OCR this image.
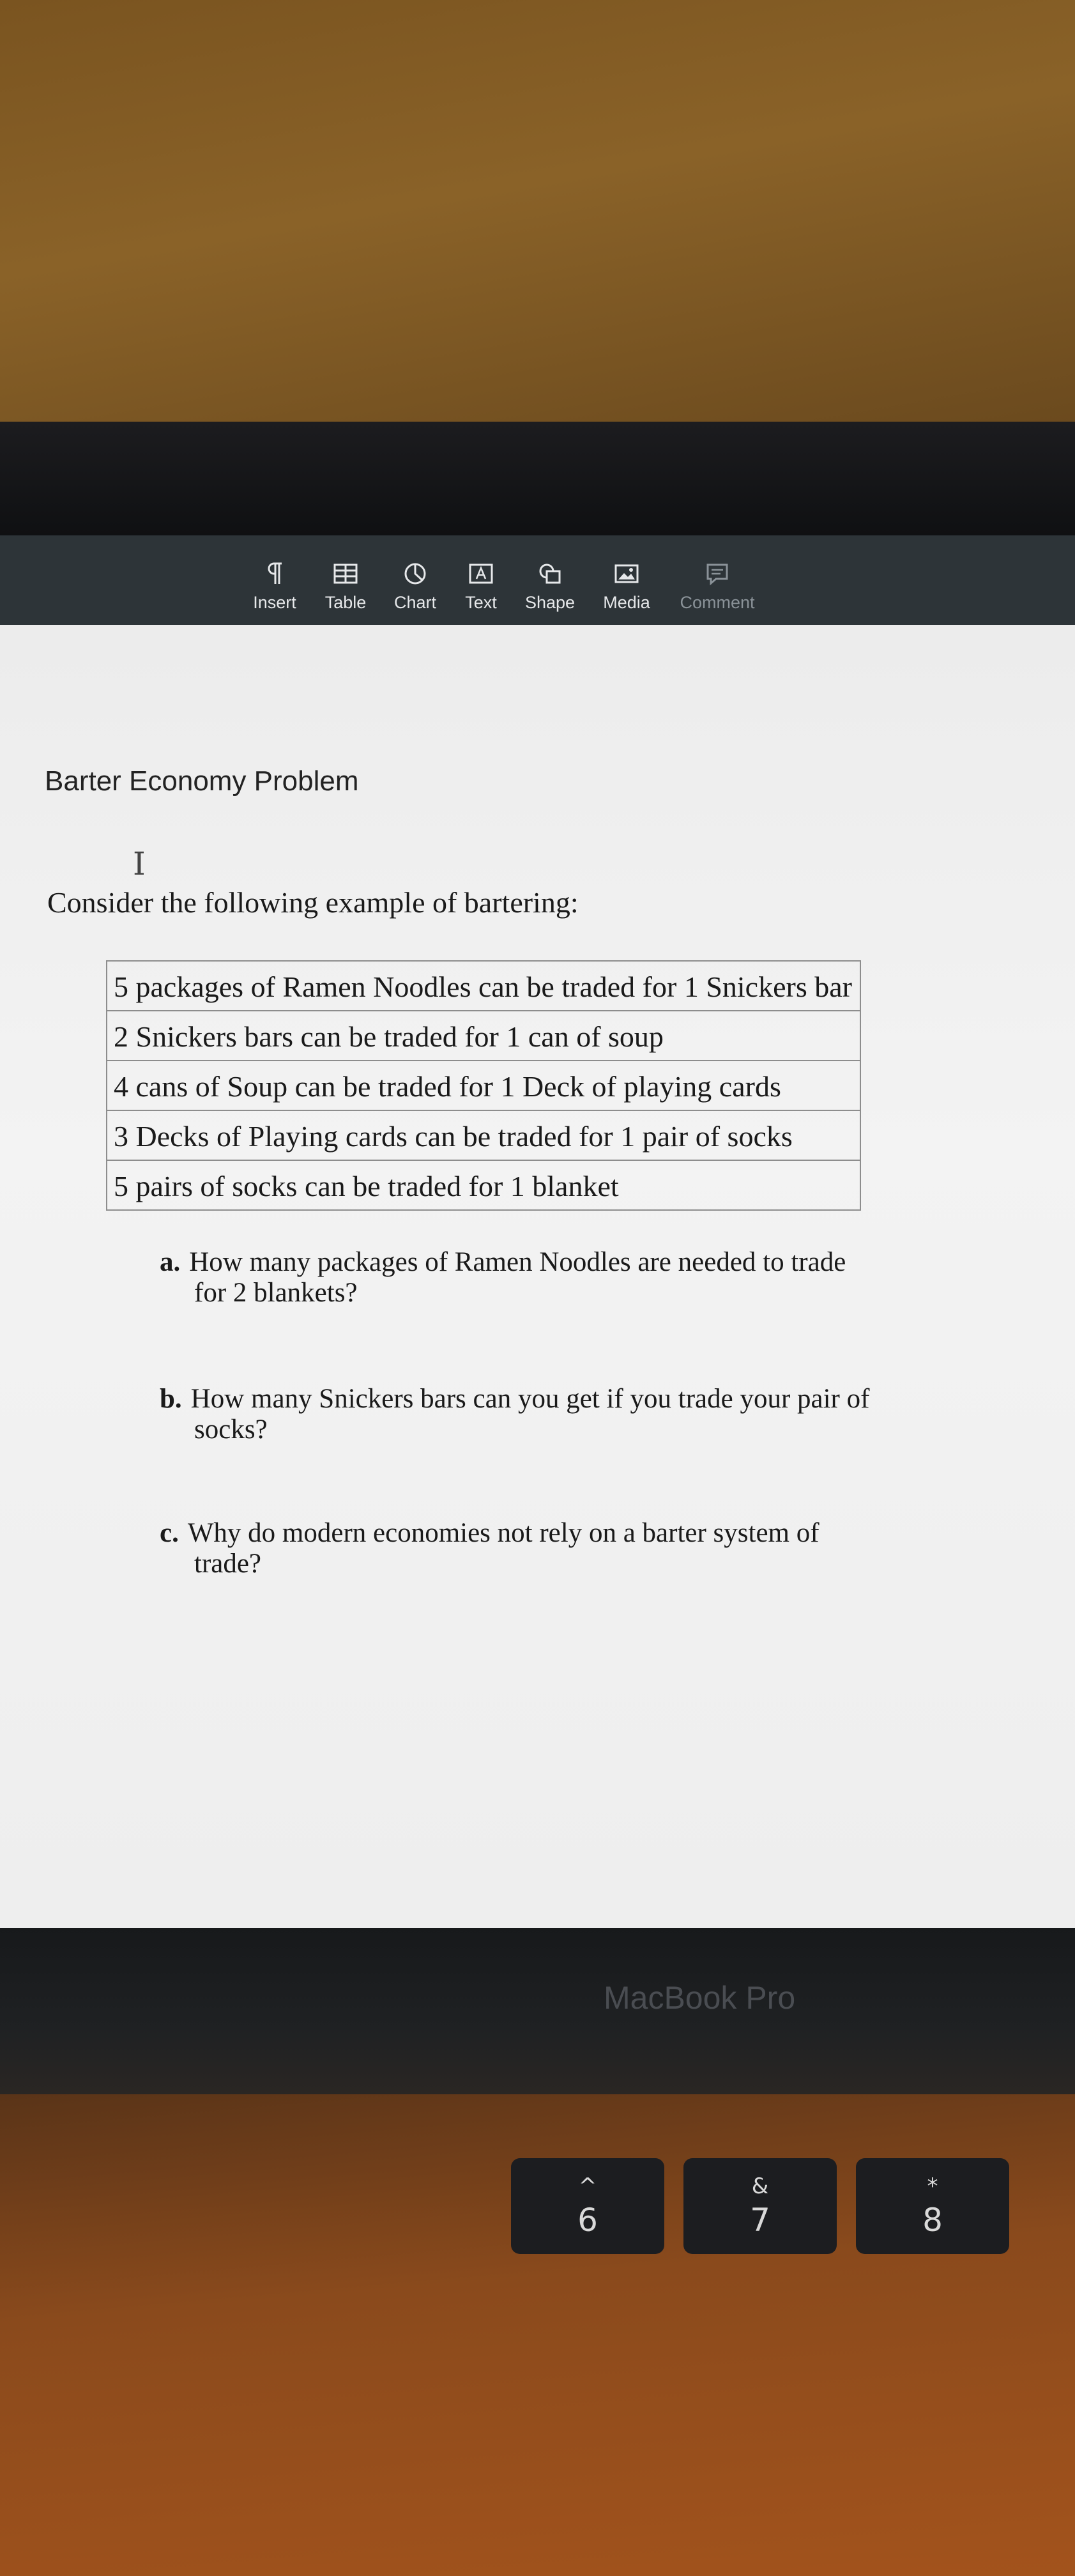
Insert	Table	Chart	Text	Shape	Media	Comment
Barter Economy Problem
I
Consider the following example of bartering:
5 packages of Ramen Noodles can be traded for 1 Snickers bar
2 Snickers bars can be traded for 1 can of soup
4 cans of Soup can be traded for 1 Deck of playing cards
3 Decks of Playing cards can be traded for 1 pair of socks
5 pairs of socks can be traded for 1 blanket
a. How many packages of Ramen Noodles are needed to trade
for 2 blankets?
b. How many Snickers bars can you get if you trade your pair of
socks?
c. Why do modern economies not rely on a barter system of
trade?
MacBook Pro
^
6
&
7
*
8
